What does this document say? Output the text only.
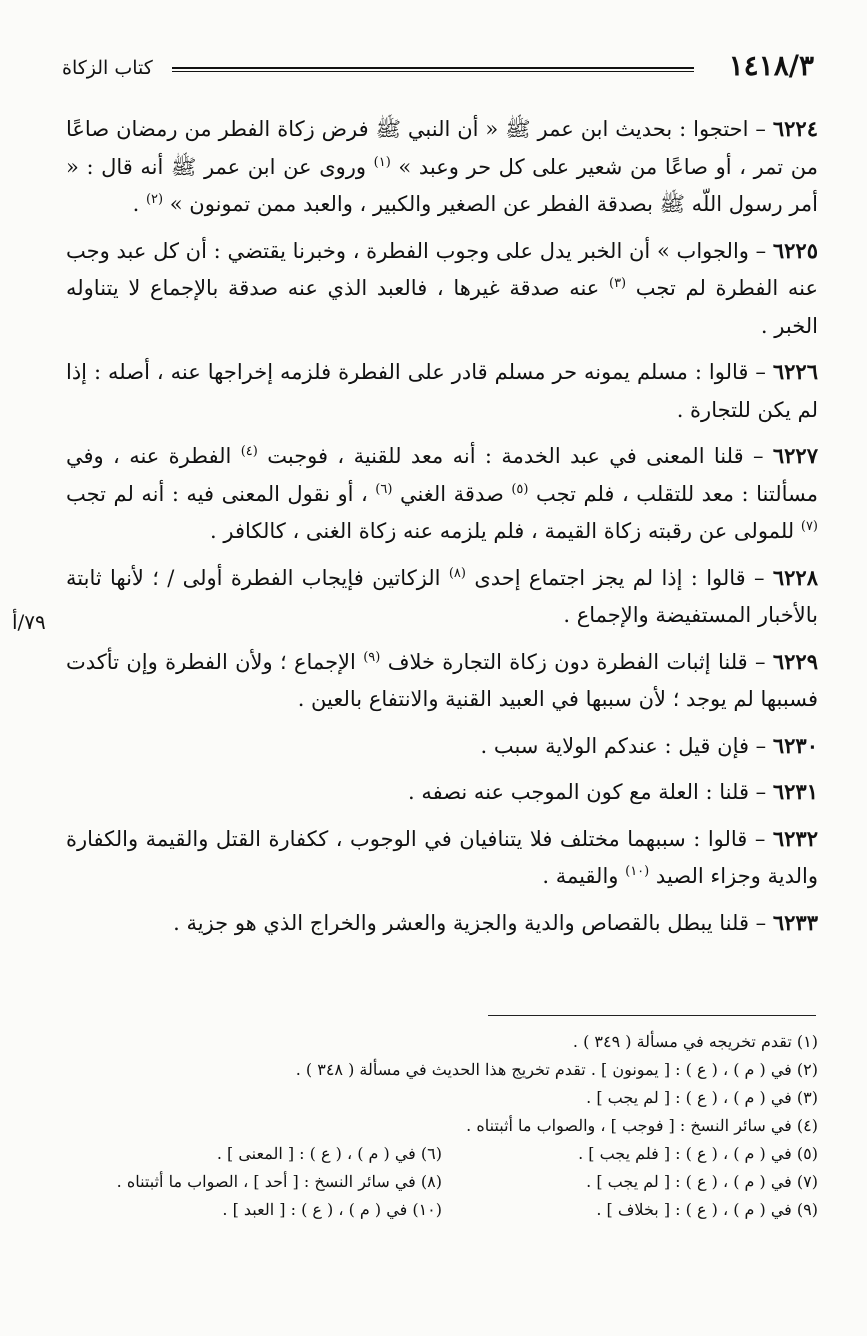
١٤١٨/٣
كتاب الزكاة
٧٩/أ

٦٢٢٤ – احتجوا : بحديث ابن عمر ﷺ « أن النبي ﷺ فرض زكاة الفطر من رمضان صاعًا من تمر ، أو صاعًا من شعير على كل حر وعبد » $^{(١)}$ وروى عن ابن عمر ﷺ أنه قال : « أمر رسول اللّه ﷺ بصدقة الفطر عن الصغير والكبير ، والعبد ممن تمونون » $^{(٢)}$ .

٦٢٢٥ – والجواب » أن الخبر يدل على وجوب الفطرة ، وخبرنا يقتضي : أن كل عبد وجب عنه الفطرة لم تجب $^{(٣)}$ عنه صدقة غيرها ، فالعبد الذي عنه صدقة بالإجماع لا يتناوله الخبر .

٦٢٢٦ – قالوا : مسلم يمونه حر مسلم قادر على الفطرة فلزمه إخراجها عنه ، أصله : إذا لم يكن للتجارة .

٦٢٢٧ – قلنا المعنى في عبد الخدمة : أنه معد للقنية ، فوجبت $^{(٤)}$ الفطرة عنه ، وفي مسألتنا : معد للتقلب ، فلم تجب $^{(٥)}$ صدقة الغني $^{(٦)}$ ، أو نقول المعنى فيه : أنه لم تجب $^{(٧)}$ للمولى عن رقبته زكاة القيمة ، فلم يلزمه عنه زكاة الغنى ، كالكافر .

٦٢٢٨ – قالوا : إذا لم يجز اجتماع إحدى $^{(٨)}$ الزكاتين فإيجاب الفطرة أولى / ؛ لأنها ثابتة بالأخبار المستفيضة والإجماع .

٦٢٢٩ – قلنا إثبات الفطرة دون زكاة التجارة خلاف $^{(٩)}$ الإجماع ؛ ولأن الفطرة وإن تأكدت فسببها لم يوجد ؛ لأن سببها في العبيد القنية والانتفاع بالعين .

٦٢٣٠ – فإن قيل : عندكم الولاية سبب .

٦٢٣١ – قلنا : العلة مع كون الموجب عنه نصفه .

٦٢٣٢ – قالوا : سببهما مختلف فلا يتنافيان في الوجوب ، ككفارة القتل والقيمة والكفارة والدية وجزاء الصيد $^{(١٠)}$ والقيمة .

٦٢٣٣ – قلنا يبطل بالقصاص والدية والجزية والعشر والخراج الذي هو جزية .

(١) تقدم تخريجه في مسألة ( ٣٤٩ ) .

(٢) في ( م ) ، ( ع ) : [ يمونون ] . تقدم تخريج هذا الحديث في مسألة ( ٣٤٨ ) .

(٣) في ( م ) ، ( ع ) : [ لم يجب ] .

(٤) في سائر النسخ : [ فوجب ] ، والصواب ما أثبتناه .

(٥) في ( م ) ، ( ع ) : [ فلم يجب ] .

(٦) في ( م ) ، ( ع ) : [ المعنى ] .

(٧) في ( م ) ، ( ع ) : [ لم يجب ] .

(٨) في سائر النسخ : [ أحد ] ، الصواب ما أثبتناه .

(٩) في ( م ) ، ( ع ) : [ بخلاف ] .

(١٠) في ( م ) ، ( ع ) : [ العبد ] .
